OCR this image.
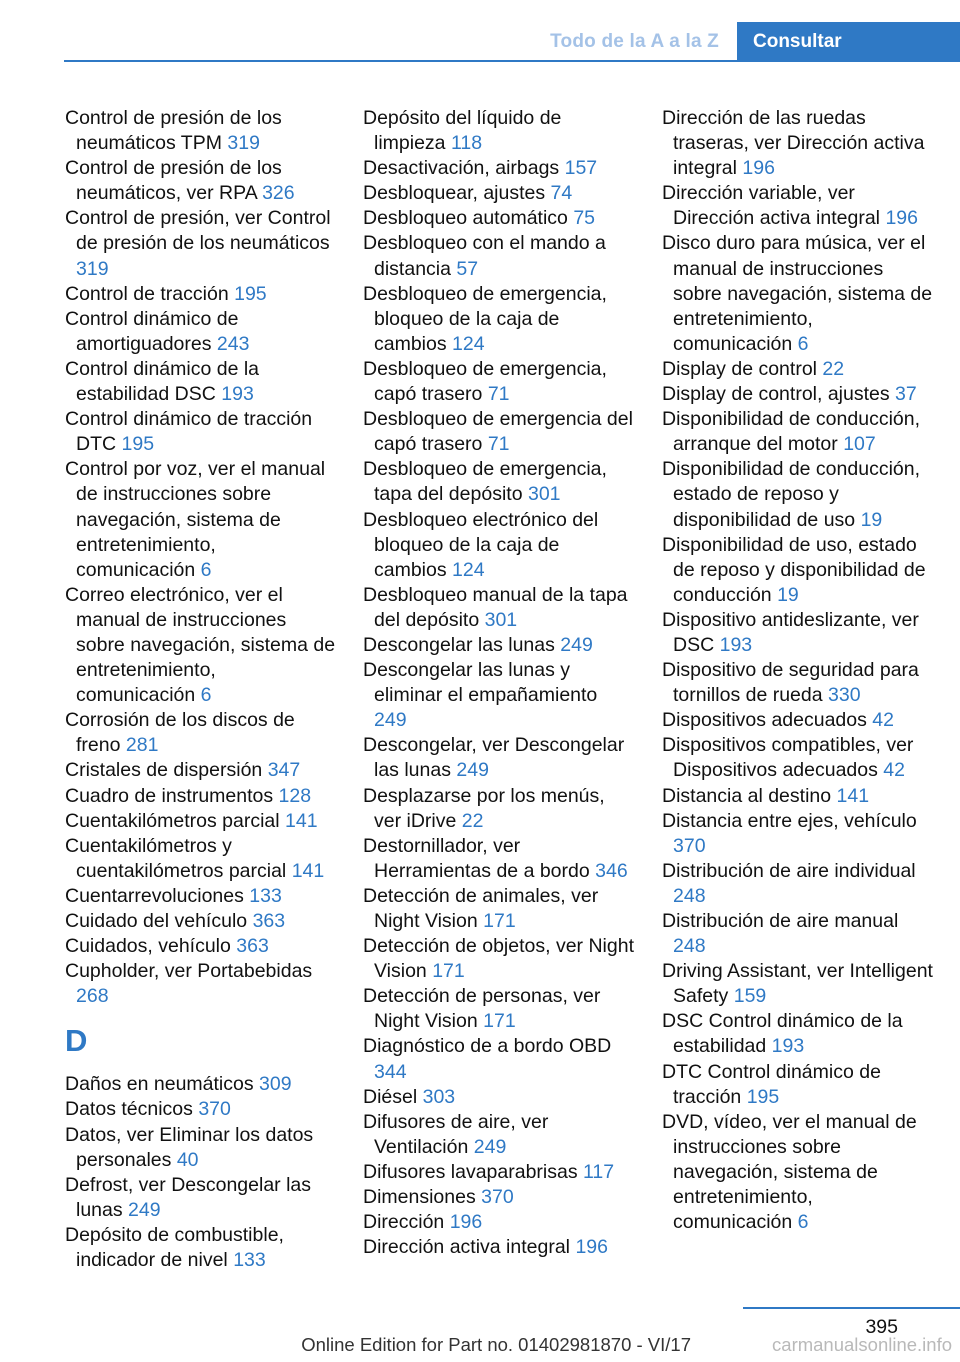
Todo de la A a la Z	Consultar
Control de presión de los neumáticos TPM 319
Control de presión de los neumáticos, ver RPA 326
Control de presión, ver Control de presión de los neumáticos 319
Control de tracción 195
Control dinámico de amortiguadores 243
Control dinámico de la estabilidad DSC 193
Control dinámico de tracción DTC 195
Control por voz, ver el manual de instrucciones sobre navegación, sistema de entretenimiento, comunicación 6
Correo electrónico, ver el manual de instrucciones sobre navegación, sistema de entretenimiento, comunicación 6
Corrosión de los discos de freno 281
Cristales de dispersión 347
Cuadro de instrumentos 128
Cuentakilómetros parcial 141
Cuentakilómetros y cuentakilómetros parcial 141
Cuentarrevoluciones 133
Cuidado del vehículo 363
Cuidados, vehículo 363
Cupholder, ver Portabebidas 268
D
Daños en neumáticos 309
Datos técnicos 370
Datos, ver Eliminar los datos personales 40
Defrost, ver Descongelar las lunas 249
Depósito de combustible, indicador de nivel 133
Depósito del líquido de limpieza 118
Desactivación, airbags 157
Desbloquear, ajustes 74
Desbloqueo automático 75
Desbloqueo con el mando a distancia 57
Desbloqueo de emergencia, bloqueo de la caja de cambios 124
Desbloqueo de emergencia, capó trasero 71
Desbloqueo de emergencia del capó trasero 71
Desbloqueo de emergencia, tapa del depósito 301
Desbloqueo electrónico del bloqueo de la caja de cambios 124
Desbloqueo manual de la tapa del depósito 301
Descongelar las lunas 249
Descongelar las lunas y eliminar el empañamiento 249
Descongelar, ver Descongelar las lunas 249
Desplazarse por los menús, ver iDrive 22
Destornillador, ver Herramientas de a bordo 346
Detección de animales, ver Night Vision 171
Detección de objetos, ver Night Vision 171
Detección de personas, ver Night Vision 171
Diagnóstico de a bordo OBD 344
Diésel 303
Difusores de aire, ver Ventilación 249
Difusores lavaparabrisas 117
Dimensiones 370
Dirección 196
Dirección activa integral 196
Dirección de las ruedas traseras, ver Dirección activa integral 196
Dirección variable, ver Dirección activa integral 196
Disco duro para música, ver el manual de instrucciones sobre navegación, sistema de entretenimiento, comunicación 6
Display de control 22
Display de control, ajustes 37
Disponibilidad de conducción, arranque del motor 107
Disponibilidad de conducción, estado de reposo y disponibilidad de uso 19
Disponibilidad de uso, estado de reposo y disponibilidad de conducción 19
Dispositivo antideslizante, ver DSC 193
Dispositivo de seguridad para tornillos de rueda 330
Dispositivos adecuados 42
Dispositivos compatibles, ver Dispositivos adecuados 42
Distancia al destino 141
Distancia entre ejes, vehículo 370
Distribución de aire individual 248
Distribución de aire manual 248
Driving Assistant, ver Intelligent Safety 159
DSC Control dinámico de la estabilidad 193
DTC Control dinámico de tracción 195
DVD, vídeo, ver el manual de instrucciones sobre navegación, sistema de entretenimiento, comunicación 6
395
Online Edition for Part no. 01402981870 - VI/17	carmanualsonline.info
